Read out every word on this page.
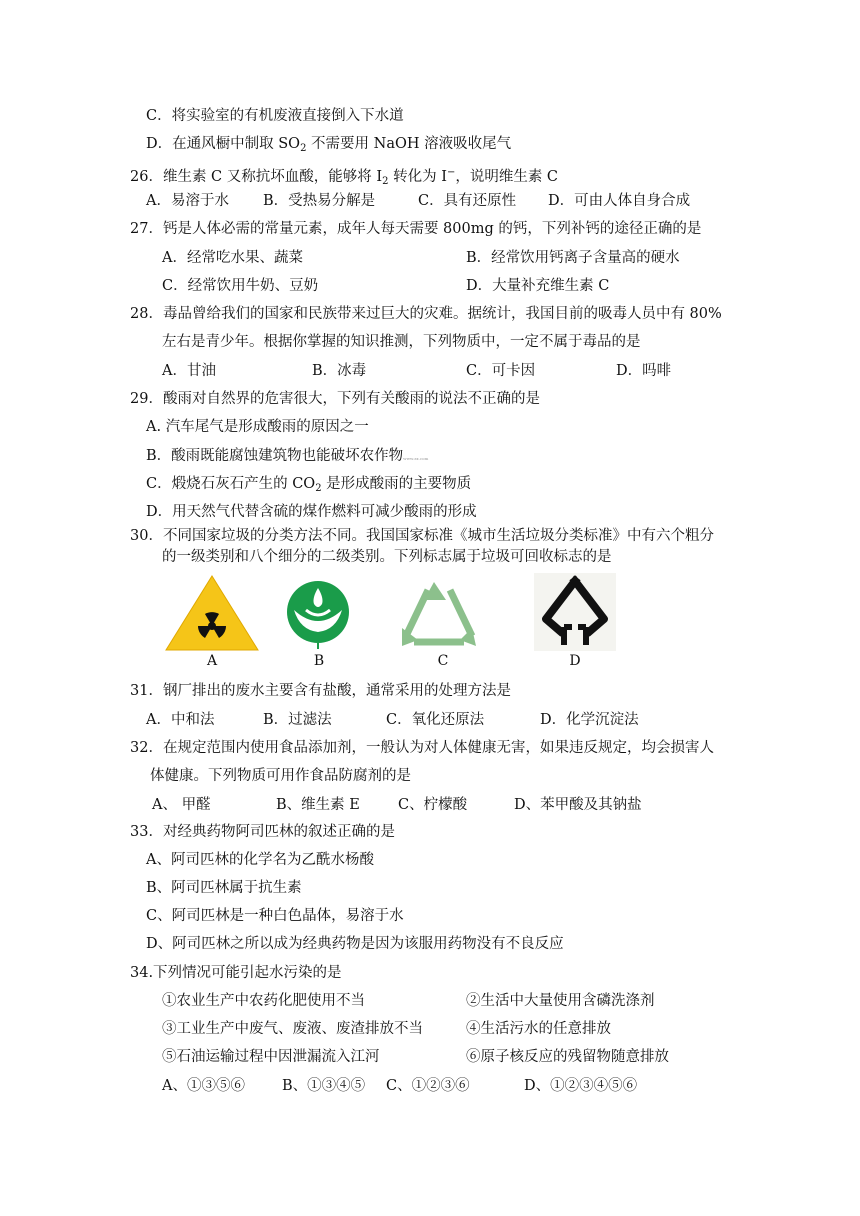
C．将实验室的有机废液直接倒入下水道
D．在通风橱中制取 $SO_2$ 不需要用 NaOH 溶液吸收尾气
26．维生素 C 又称抗坏血酸，能够将 $I_2$ 转化为 I−，说明维生素 C
A．易溶于水 B．受热易分解是	C．具有还原性 D．可由人体自身合成
27．钙是人体必需的常量元素，成年人每天需要 800mg 的钙，下列补钙的途径正确的是
A．经常吃水果、蔬菜	B．经常饮用钙离子含量高的硬水
C．经常饮用牛奶、豆奶	D．大量补充维生素 C
28．毒品曾给我们的国家和民族带来过巨大的灾难。据统计，我国目前的吸毒人员中有 80%
左右是青少年。根据你掌握的知识推测，下列物质中，一定不属于毒品的是
A．甘油	B．冰毒	C．可卡因	D．吗啡
29．酸雨对自然界的危害很大，下列有关酸雨的说法不正确的是
A. 汽车尾气是形成酸雨的原因之一
B．酸雨既能腐蚀建筑物也能破坏农作物www.zx.com
C．煅烧石灰石产生的 $CO_2$ 是形成酸雨的主要物质
D．用天然气代替含硫的煤作燃料可减少酸雨的形成
30．不同国家垃圾的分类方法不同。我国国家标准《城市生活垃圾分类标准》中有六个粗分
的一级类别和八个细分的二级类别。下列标志属于垃圾可回收标志的是
A	B	C	D
31．钢厂排出的废水主要含有盐酸，通常采用的处理方法是
A．中和法	B．过滤法	C．氧化还原法	D．化学沉淀法
32．在规定范围内使用食品添加剂，一般认为对人体健康无害，如果违反规定，均会损害人
体健康。下列物质可用作食品防腐剂的是
A、 甲醛	B、维生素 E	C、柠檬酸	D、苯甲酸及其钠盐
33．对经典药物阿司匹林的叙述正确的是
A、阿司匹林的化学名为乙酰水杨酸
B、阿司匹林属于抗生素
C、阿司匹林是一种白色晶体，易溶于水
D、阿司匹林之所以成为经典药物是因为该服用药物没有不良反应
34.下列情况可能引起水污染的是
①农业生产中农药化肥使用不当	②生活中大量使用含磷洗涤剂
③工业生产中废气、废液、废渣排放不当	④生活污水的任意排放
⑤石油运输过程中因泄漏流入江河	⑥原子核反应的残留物随意排放
A、①③⑤⑥	B、①③④⑤ C、①②③⑥	D、①②③④⑤⑥
